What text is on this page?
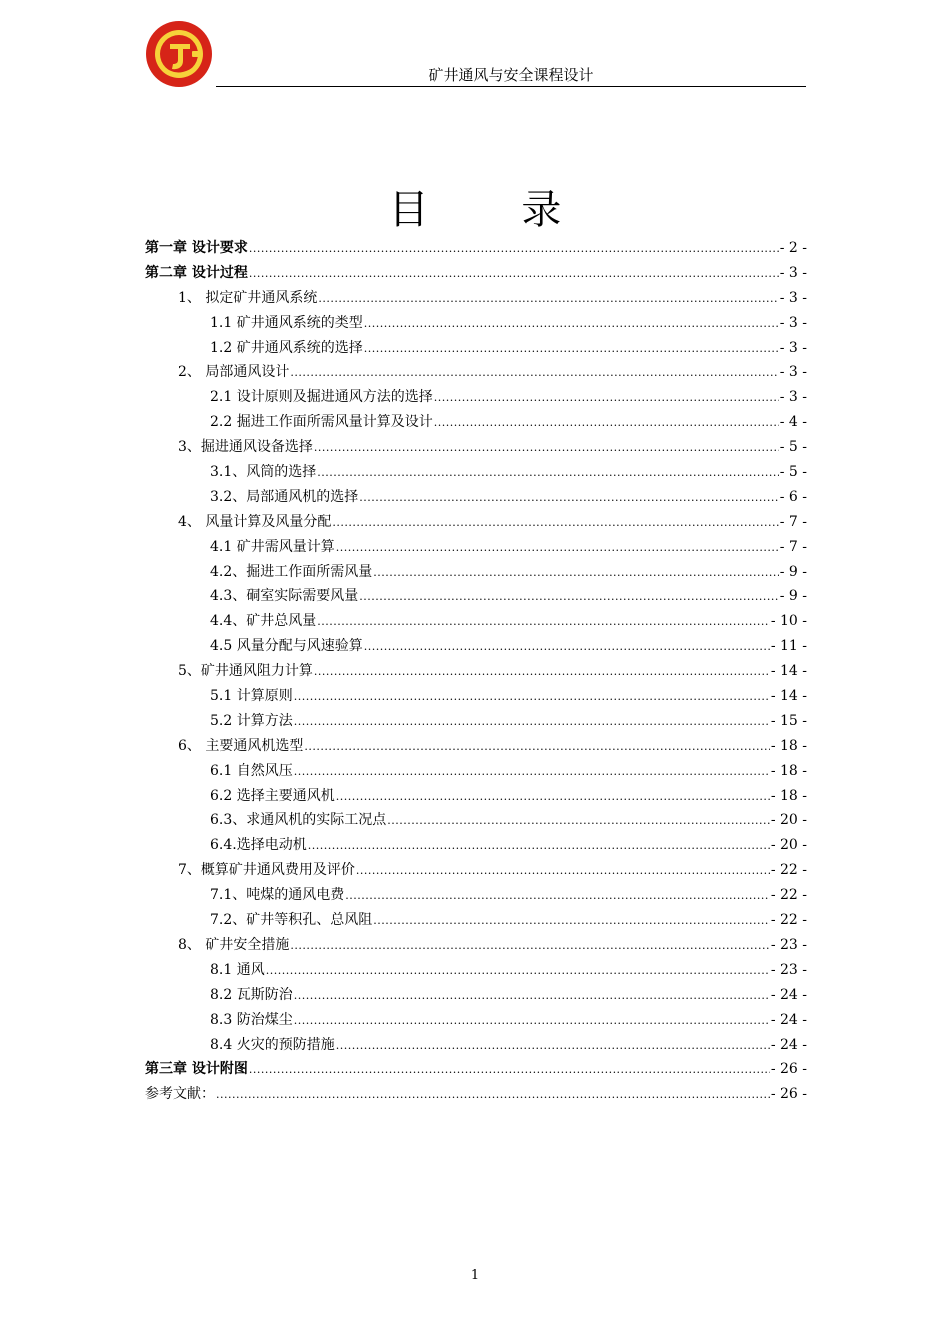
矿井通风与安全课程设计
目 录
第一章 设计要求 .....	- 2 -
第二章 设计过程 .....	- 3 -
1、 拟定矿井通风系统 .....	- 3 -
1.1 矿井通风系统的类型 .....	- 3 -
1.2 矿井通风系统的选择 .....	- 3 -
2、 局部通风设计 .....	- 3 -
2.1 设计原则及掘进通风方法的选择 .....	- 3 -
2.2 掘进工作面所需风量计算及设计 .....	- 4 -
3、掘进通风设备选择 .....	- 5 -
3.1、风筒的选择 .....	- 5 -
3.2、局部通风机的选择 .....	- 6 -
4、 风量计算及风量分配 .....	- 7 -
4.1 矿井需风量计算 .....	- 7 -
4.2、掘进工作面所需风量 .....	- 9 -
4.3、硐室实际需要风量 .....	- 9 -
4.4、矿井总风量 .....	- 10 -
4.5 风量分配与风速验算 .....	- 11 -
5、矿井通风阻力计算 .....	- 14 -
5.1 计算原则 .....	- 14 -
5.2 计算方法 .....	- 15 -
6、 主要通风机选型 .....	- 18 -
6.1 自然风压 .....	- 18 -
6.2 选择主要通风机 .....	- 18 -
6.3、求通风机的实际工况点 .....	- 20 -
6.4.选择电动机 .....	- 20 -
7、概算矿井通风费用及评价 .....	- 22 -
7.1、吨煤的通风电费 .....	- 22 -
7.2、矿井等积孔、总风阻 .....	- 22 -
8、 矿井安全措施 .....	- 23 -
8.1 通风 .....	- 23 -
8.2 瓦斯防治 .....	- 24 -
8.3 防治煤尘 .....	- 24 -
8.4 火灾的预防措施 .....	- 24 -
第三章 设计附图 .....	- 26 -
参考文献： .....	- 26 -
1
